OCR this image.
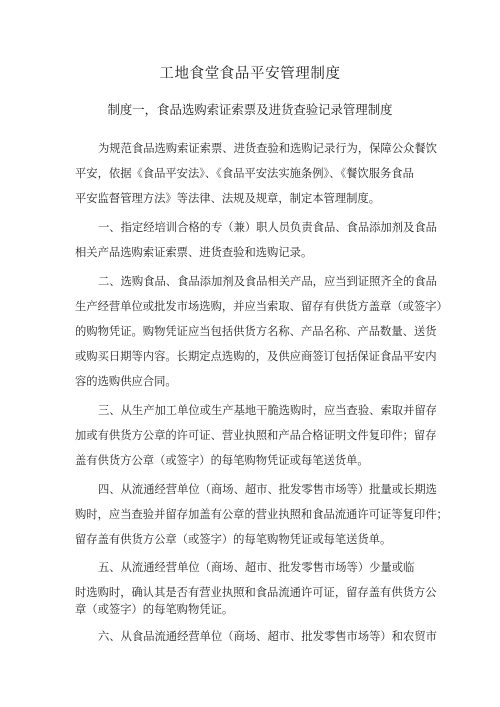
工地食堂食品平安管理制度
制度一，食品选购索证索票及进货查验记录管理制度
为规范食品选购索证索票、进货查验和选购记录行为，保障公众餐饮
平安，依据《食品平安法》、《食品平安法实施条例》、《餐饮服务食品
平安监督管理方法》等法律、法规及规章，制定本管理制度。
一、指定经培训合格的专（兼）职人员负责食品、食品添加剂及食品
相关产品选购索证索票、进货查验和选购记录。
二、选购食品、食品添加剂及食品相关产品，应当到证照齐全的食品
生产经营单位或批发市场选购，并应当索取、留存有供货方盖章（或签字）
的购物凭证。购物凭证应当包括供货方名称、产品名称、产品数量、送货
或购买日期等内容。长期定点选购的，及供应商签订包括保证食品平安内
容的选购供应合同。
三、从生产加工单位或生产基地干脆选购时，应当查验、索取并留存
加或有供货方公章的许可证、营业执照和产品合格证明文件复印件；留存
盖有供货方公章（或签字）的每笔购物凭证或每笔送货单。
四、从流通经营单位（商场、超市、批发零售市场等）批量或长期选
购时，应当查验并留存加盖有公章的营业执照和食品流通许可证等复印件；
留存盖有供货方公章（或签字）的每笔购物凭证或每笔送货单。
五、从流通经营单位（商场、超市、批发零售市场等）少量或临
时选购时，确认其是否有营业执照和食品流通许可证，留存盖有供货方公
章（或签字）的每笔购物凭证。
六、从食品流通经营单位（商场、超市、批发零售市场等）和农贸市
